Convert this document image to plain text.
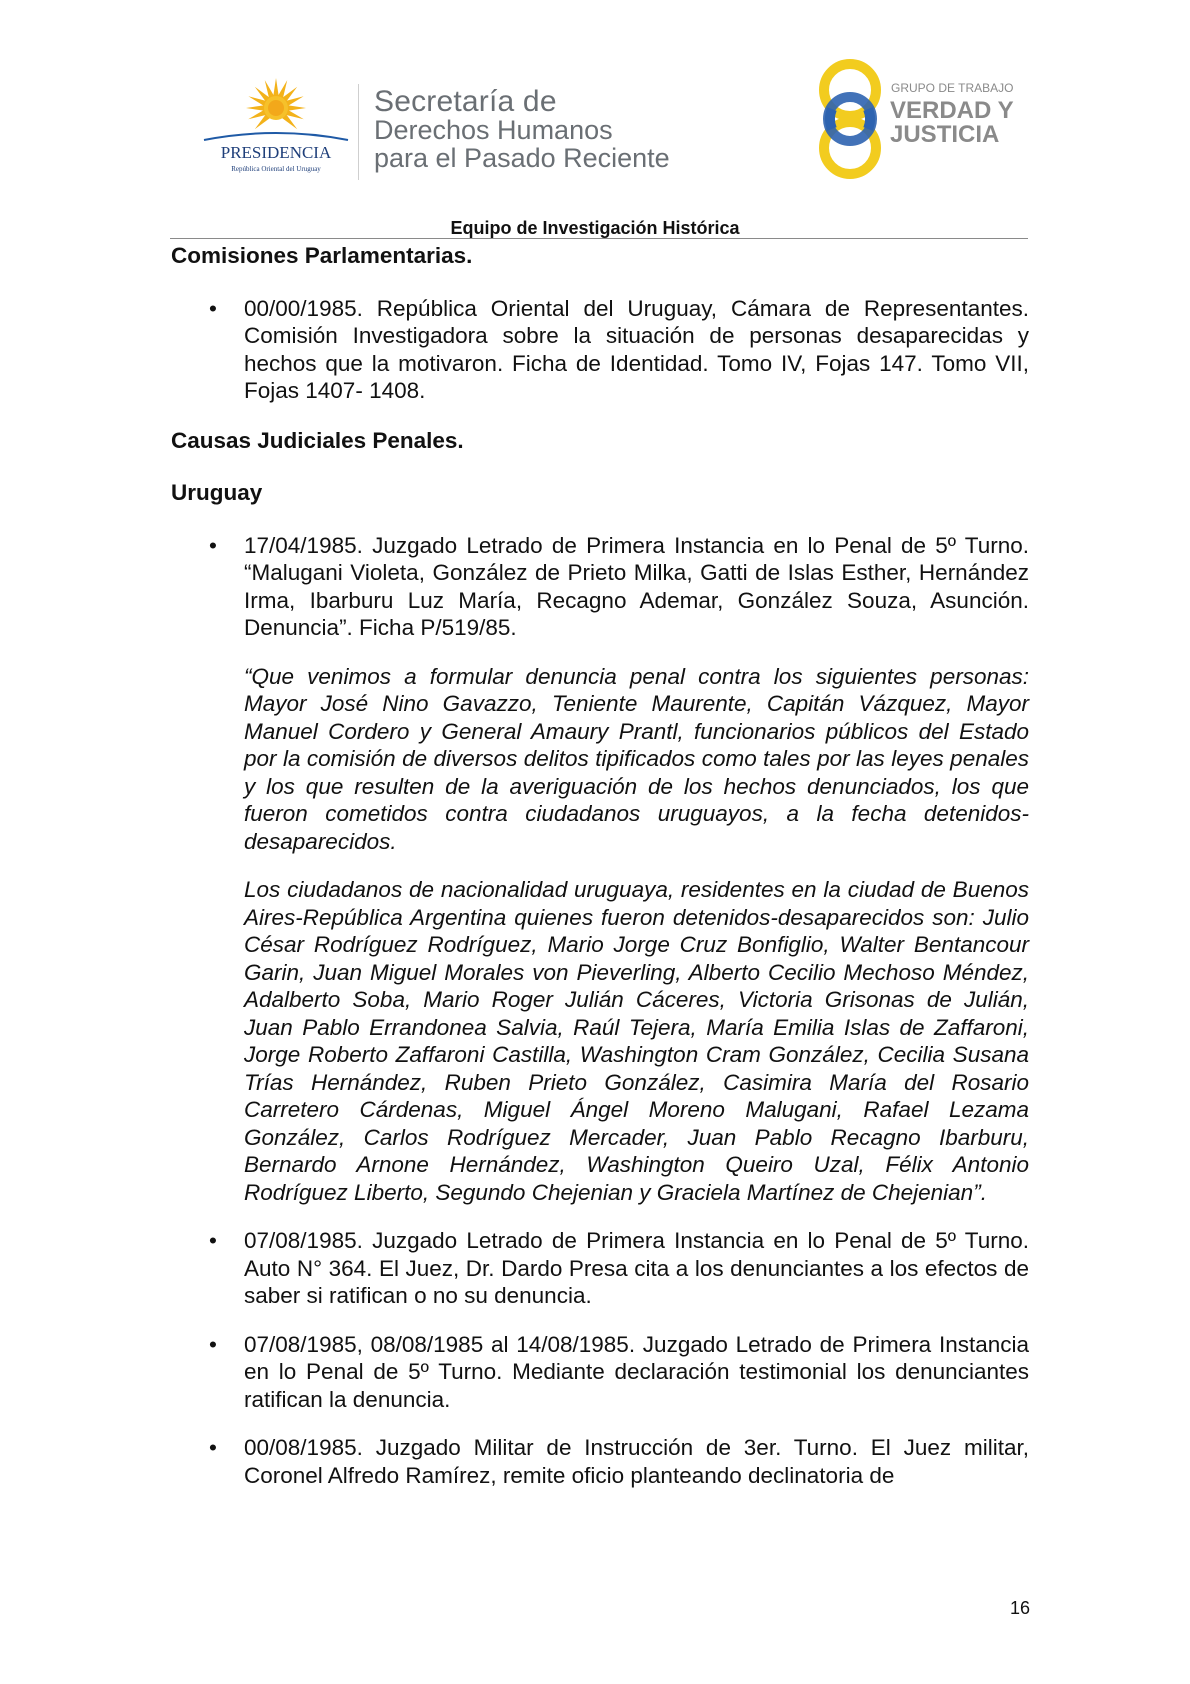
PRESIDENCIA
República Oriental del Uruguay
Secretaría de
Derechos Humanos
para el Pasado Reciente
GRUPO DE TRABAJO
VERDAD Y
JUSTICIA
Equipo de Investigación Histórica

Comisiones Parlamentarias.

• 00/00/1985. República Oriental del Uruguay, Cámara de Representantes. Comisión Investigadora sobre la situación de personas desaparecidas y hechos que la motivaron. Ficha de Identidad. Tomo IV, Fojas 147. Tomo VII, Fojas 1407- 1408.

Causas Judiciales Penales.

Uruguay

• 17/04/1985. Juzgado Letrado de Primera Instancia en lo Penal de 5º Turno. “Malugani Violeta, González de Prieto Milka, Gatti de Islas Esther, Hernández Irma, Ibarburu Luz María, Recagno Ademar, González Souza, Asunción. Denuncia”. Ficha P/519/85.

“Que venimos a formular denuncia penal contra los siguientes personas: Mayor José Nino Gavazzo, Teniente Maurente, Capitán Vázquez, Mayor Manuel Cordero y General Amaury Prantl, funcionarios públicos del Estado por la comisión de diversos delitos tipificados como tales por las leyes penales y los que resulten de la averiguación de los hechos denunciados, los que fueron cometidos contra ciudadanos uruguayos, a la fecha detenidos-desaparecidos.

Los ciudadanos de nacionalidad uruguaya, residentes en la ciudad de Buenos Aires-República Argentina quienes fueron detenidos-desaparecidos son: Julio César Rodríguez Rodríguez, Mario Jorge Cruz Bonfiglio, Walter Bentancour Garin, Juan Miguel Morales von Pieverling, Alberto Cecilio Mechoso Méndez, Adalberto Soba, Mario Roger Julián Cáceres, Victoria Grisonas de Julián, Juan Pablo Errandonea Salvia, Raúl Tejera, María Emilia Islas de Zaffaroni, Jorge Roberto Zaffaroni Castilla, Washington Cram González, Cecilia Susana Trías Hernández, Ruben Prieto González, Casimira María del Rosario Carretero Cárdenas, Miguel Ángel Moreno Malugani, Rafael Lezama González, Carlos Rodríguez Mercader, Juan Pablo Recagno Ibarburu, Bernardo Arnone Hernández, Washington Queiro Uzal, Félix Antonio Rodríguez Liberto, Segundo Chejenian y Graciela Martínez de Chejenian”.

• 07/08/1985. Juzgado Letrado de Primera Instancia en lo Penal de 5º Turno. Auto N° 364. El Juez, Dr. Dardo Presa cita a los denunciantes a los efectos de saber si ratifican o no su denuncia.
• 07/08/1985, 08/08/1985 al 14/08/1985. Juzgado Letrado de Primera Instancia en lo Penal de 5º Turno. Mediante declaración testimonial los denunciantes ratifican la denuncia.
• 00/08/1985. Juzgado Militar de Instrucción de 3er. Turno. El Juez militar, Coronel Alfredo Ramírez, remite oficio planteando declinatoria de
16
